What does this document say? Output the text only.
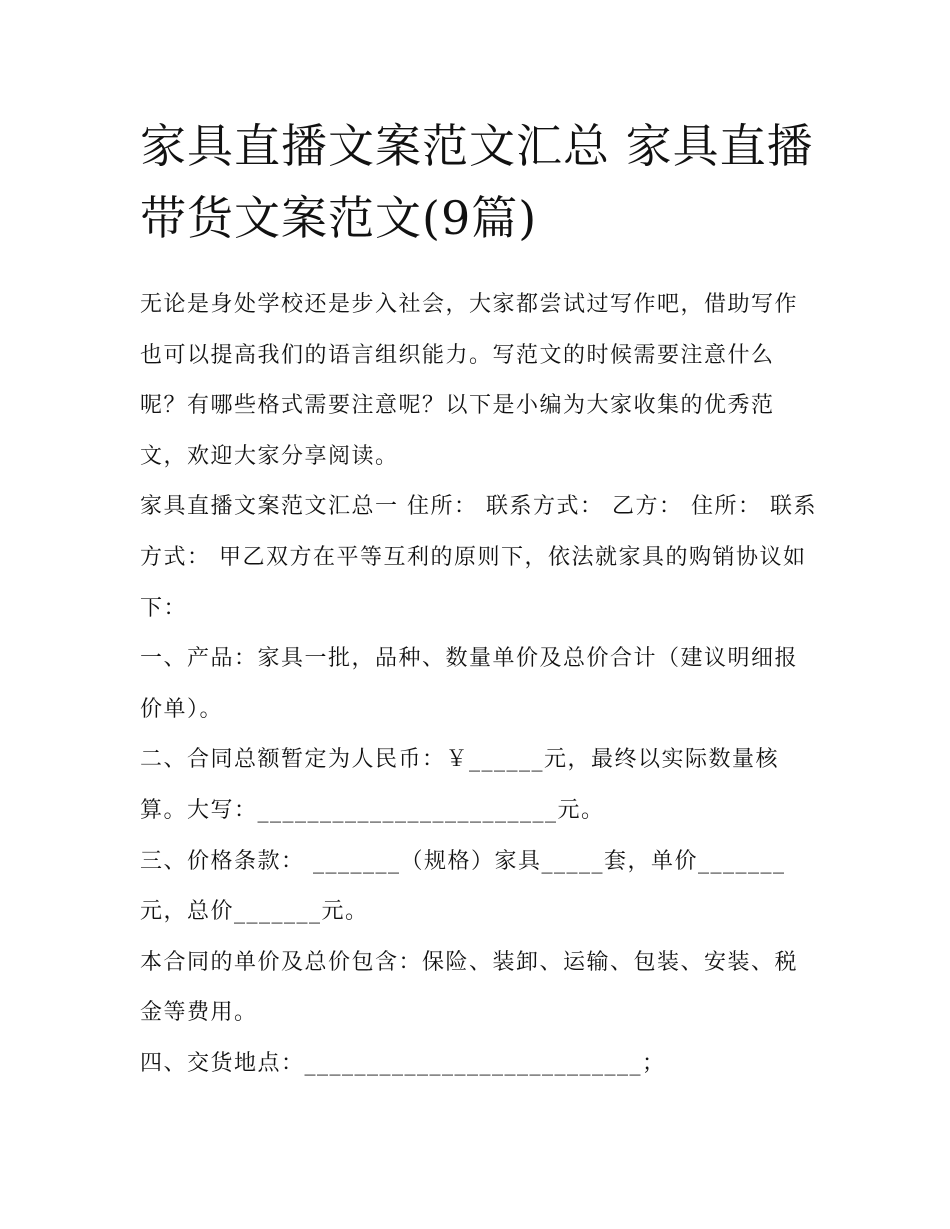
家具直播文案范文汇总 家具直播带货文案范文(9篇)

无论是身处学校还是步入社会，大家都尝试过写作吧，借助写作也可以提高我们的语言组织能力。写范文的时候需要注意什么呢？有哪些格式需要注意呢？以下是小编为大家收集的优秀范文，欢迎大家分享阅读。

家具直播文案范文汇总一 住所： 联系方式： 乙方： 住所： 联系方式： 甲乙双方在平等互利的原则下，依法就家具的购销协议如下：

一、产品：家具一批，品种、数量单价及总价合计（建议明细报价单）。

二、合同总额暂定为人民币：￥______元，最终以实际数量核算。大写：________________________元。

三、价格条款： _______（规格）家具_____套，单价_______元，总价_______元。

本合同的单价及总价包含：保险、装卸、运输、包装、安装、税金等费用。

四、交货地点：___________________________；
